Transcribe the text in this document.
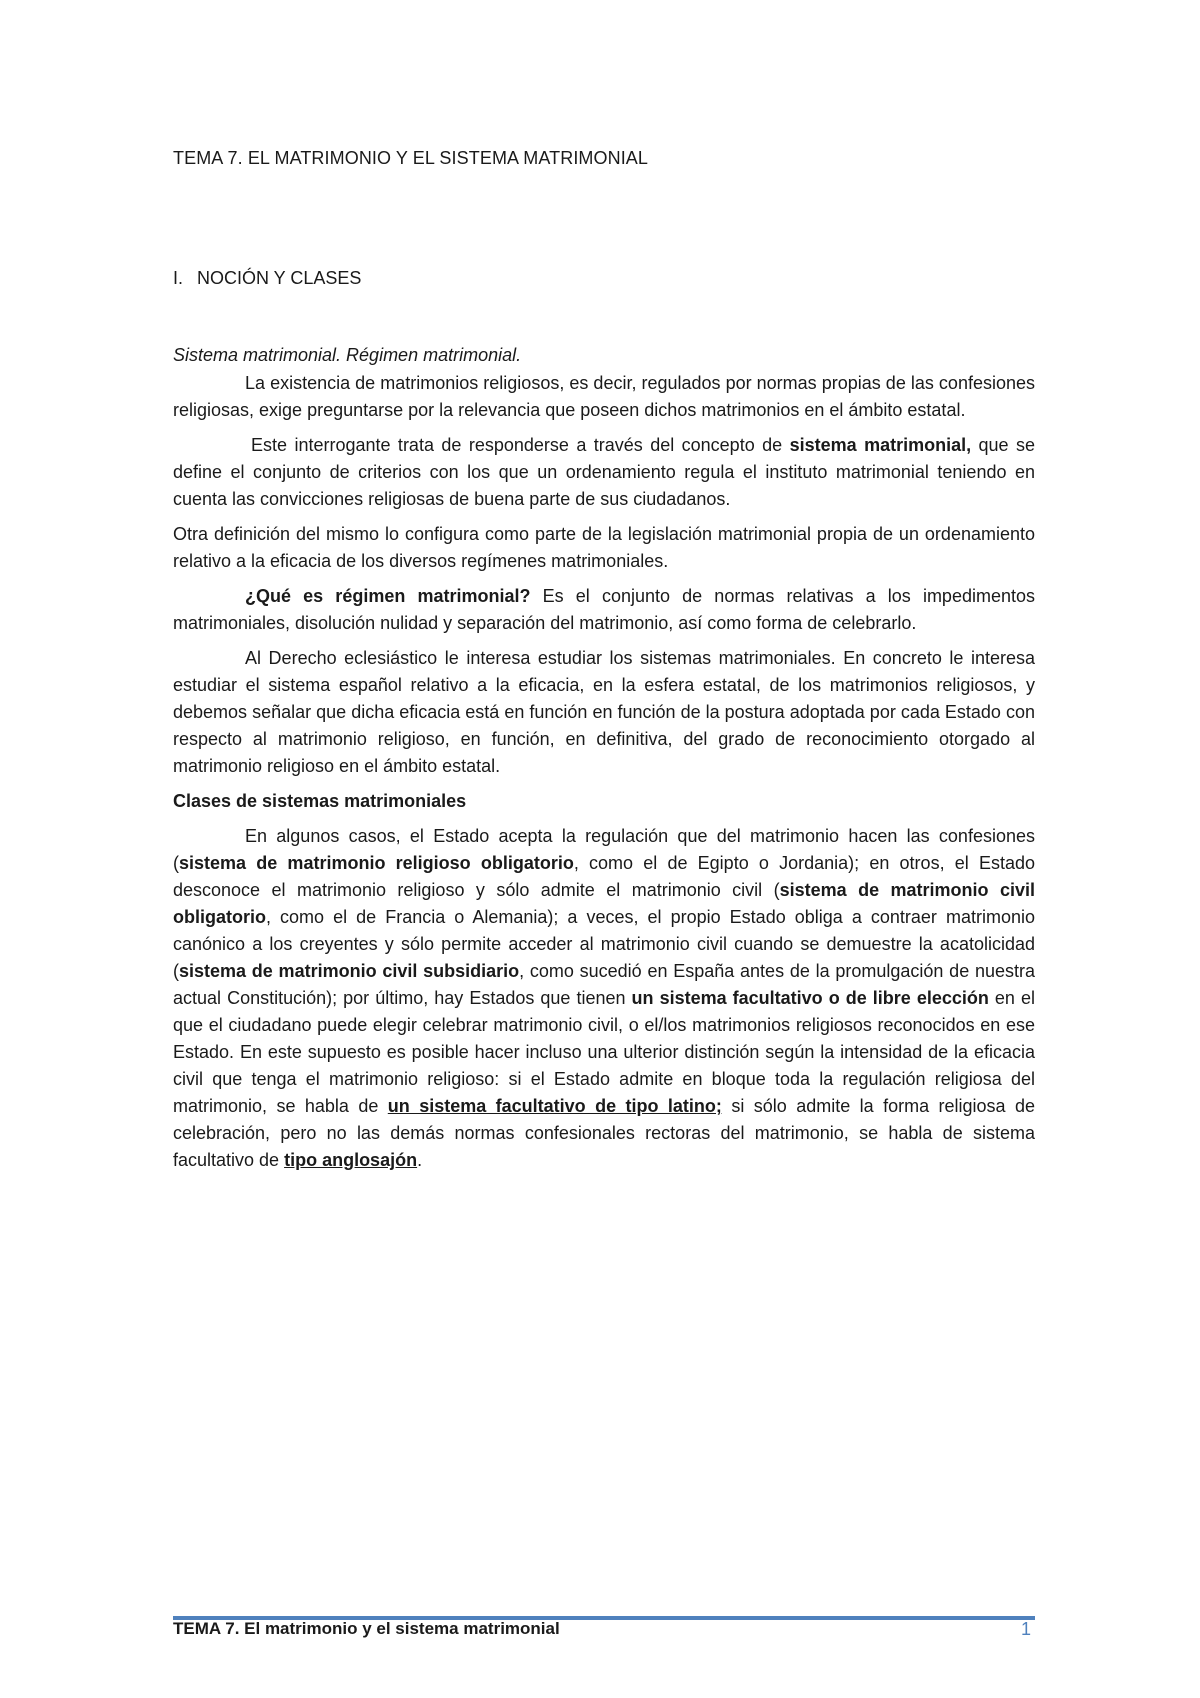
TEMA 7. EL MATRIMONIO Y EL SISTEMA MATRIMONIAL
I. NOCIÓN Y CLASES
Sistema matrimonial. Régimen matrimonial.

La existencia de matrimonios religiosos, es decir, regulados por normas propias de las confesiones religiosas, exige preguntarse por la relevancia que poseen dichos matrimonios en el ámbito estatal.

Este interrogante trata de responderse a través del concepto de sistema matrimonial, que se define el conjunto de criterios con los que un ordenamiento regula el instituto matrimonial teniendo en cuenta las convicciones religiosas de buena parte de sus ciudadanos.

Otra definición del mismo lo configura como parte de la legislación matrimonial propia de un ordenamiento relativo a la eficacia de los diversos regímenes matrimoniales.

¿Qué es régimen matrimonial? Es el conjunto de normas relativas a los impedimentos matrimoniales, disolución nulidad y separación del matrimonio, así como forma de celebrarlo.

Al Derecho eclesiástico le interesa estudiar los sistemas matrimoniales. En concreto le interesa estudiar el sistema español relativo a la eficacia, en la esfera estatal, de los matrimonios religiosos, y debemos señalar que dicha eficacia está en función en función de la postura adoptada por cada Estado con respecto al matrimonio religioso, en función, en definitiva, del grado de reconocimiento otorgado al matrimonio religioso en el ámbito estatal.

Clases de sistemas matrimoniales

En algunos casos, el Estado acepta la regulación que del matrimonio hacen las confesiones (sistema de matrimonio religioso obligatorio, como el de Egipto o Jordania); en otros, el Estado desconoce el matrimonio religioso y sólo admite el matrimonio civil (sistema de matrimonio civil obligatorio, como el de Francia o Alemania); a veces, el propio Estado obliga a contraer matrimonio canónico a los creyentes y sólo permite acceder al matrimonio civil cuando se demuestre la acatolicidad (sistema de matrimonio civil subsidiario, como sucedió en España antes de la promulgación de nuestra actual Constitución); por último, hay Estados que tienen un sistema facultativo o de libre elección en el que el ciudadano puede elegir celebrar matrimonio civil, o el/los matrimonios religiosos reconocidos en ese Estado. En este supuesto es posible hacer incluso una ulterior distinción según la intensidad de la eficacia civil que tenga el matrimonio religioso: si el Estado admite en bloque toda la regulación religiosa del matrimonio, se habla de un sistema facultativo de tipo latino; si sólo admite la forma religiosa de celebración, pero no las demás normas confesionales rectoras del matrimonio, se habla de sistema facultativo de tipo anglosajón.

TEMA 7. El matrimonio y el sistema matrimonial	1
